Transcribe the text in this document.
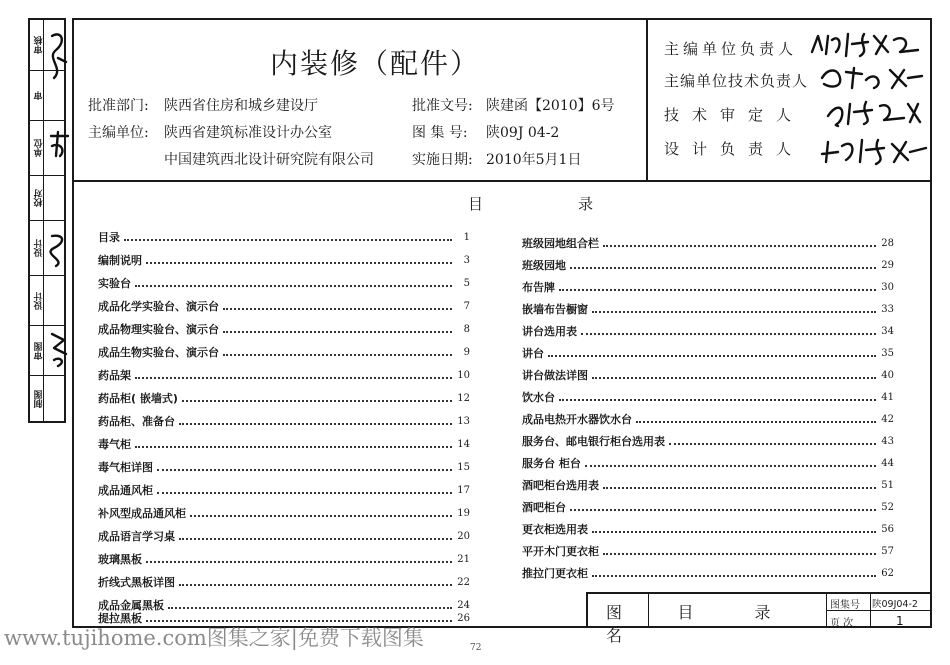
审核
审
单位
校对
设计
设计
审图
制图
内装修（配件）
批准部门: 陕西省住房和城乡建设厅
主编单位: 陕西省建筑标准设计办公室
中国建筑西北设计研究院有限公司
批准文号: 陕建函【2010】6号
图 集 号: 陕09J 04-2
实施日期: 2010年5月1日
主编单位负责人
主编单位技术负责人
技术审定人
设计负责人
目　录
目录	1
编制说明	3
实验台	5
成品化学实验台、演示台	7
成品物理实验台、演示台	8
成品生物实验台、演示台	9
药品架	10
药品柜( 嵌墙式)	12
药品柜、准备台	13
毒气柜	14
毒气柜详图	15
成品通风柜	17
补风型成品通风柜	19
成品语言学习桌	20
玻璃黑板	21
折线式黑板详图	22
成品金属黑板	24
提拉黑板	26
班级园地组合栏	28
班级园地	29
布告牌	30
嵌墙布告橱窗	33
讲台选用表	34
讲台	35
讲台做法详图	40
饮水台	41
成品电热开水器饮水台	42
服务台、邮电银行柜台选用表	43
服务台 柜台	44
酒吧柜台选用表	51
酒吧柜台	52
更衣柜选用表	56
平开木门更衣柜	57
推拉门更衣柜	62
图 名
目 录	图集号 陕09J04-2
页 次	1
www.tujihome.com图集之家|免费下载图集	72
